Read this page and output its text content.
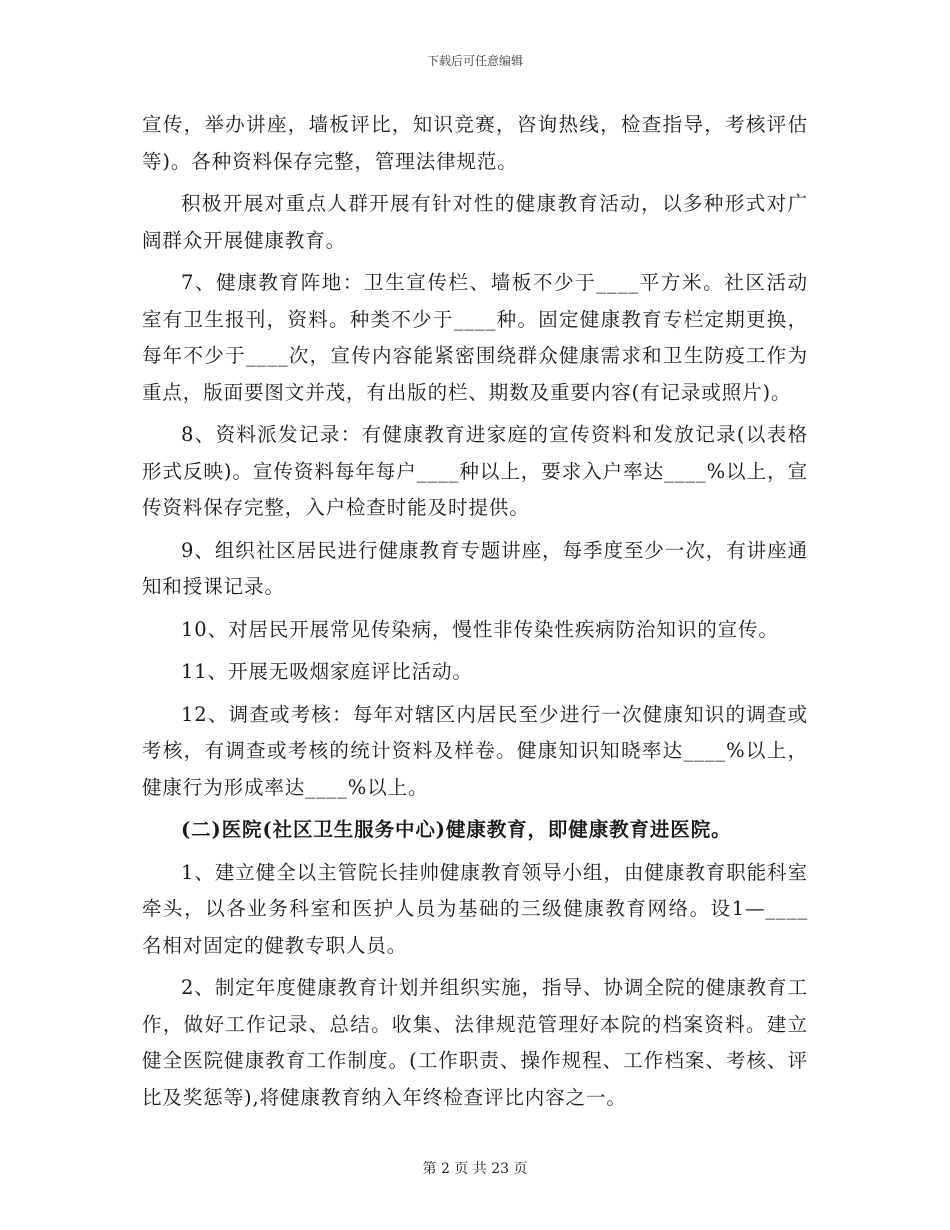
下载后可任意编辑

宣传，举办讲座，墙板评比，知识竞赛，咨询热线，检查指导，考核评估等)。各种资料保存完整，管理法律规范。

积极开展对重点人群开展有针对性的健康教育活动，以多种形式对广阔群众开展健康教育。

7、健康教育阵地：卫生宣传栏、墙板不少于____平方米。社区活动室有卫生报刊，资料。种类不少于____种。固定健康教育专栏定期更换，每年不少于____次，宣传内容能紧密围绕群众健康需求和卫生防疫工作为重点，版面要图文并茂，有出版的栏、期数及重要内容(有记录或照片)。

8、资料派发记录：有健康教育进家庭的宣传资料和发放记录(以表格形式反映)。宣传资料每年每户____种以上，要求入户率达____%以上，宣传资料保存完整，入户检查时能及时提供。

9、组织社区居民进行健康教育专题讲座，每季度至少一次，有讲座通知和授课记录。

10、对居民开展常见传染病，慢性非传染性疾病防治知识的宣传。

11、开展无吸烟家庭评比活动。

12、调查或考核：每年对辖区内居民至少进行一次健康知识的调查或考核，有调查或考核的统计资料及样卷。健康知识知晓率达____%以上，健康行为形成率达____%以上。

(二)医院(社区卫生服务中心)健康教育，即健康教育进医院。

1、建立健全以主管院长挂帅健康教育领导小组，由健康教育职能科室牵头，以各业务科室和医护人员为基础的三级健康教育网络。设1—____名相对固定的健教专职人员。

2、制定年度健康教育计划并组织实施，指导、协调全院的健康教育工作，做好工作记录、总结。收集、法律规范管理好本院的档案资料。建立健全医院健康教育工作制度。(工作职责、操作规程、工作档案、考核、评比及奖惩等),将健康教育纳入年终检查评比内容之一。

第 2 页 共 23 页
